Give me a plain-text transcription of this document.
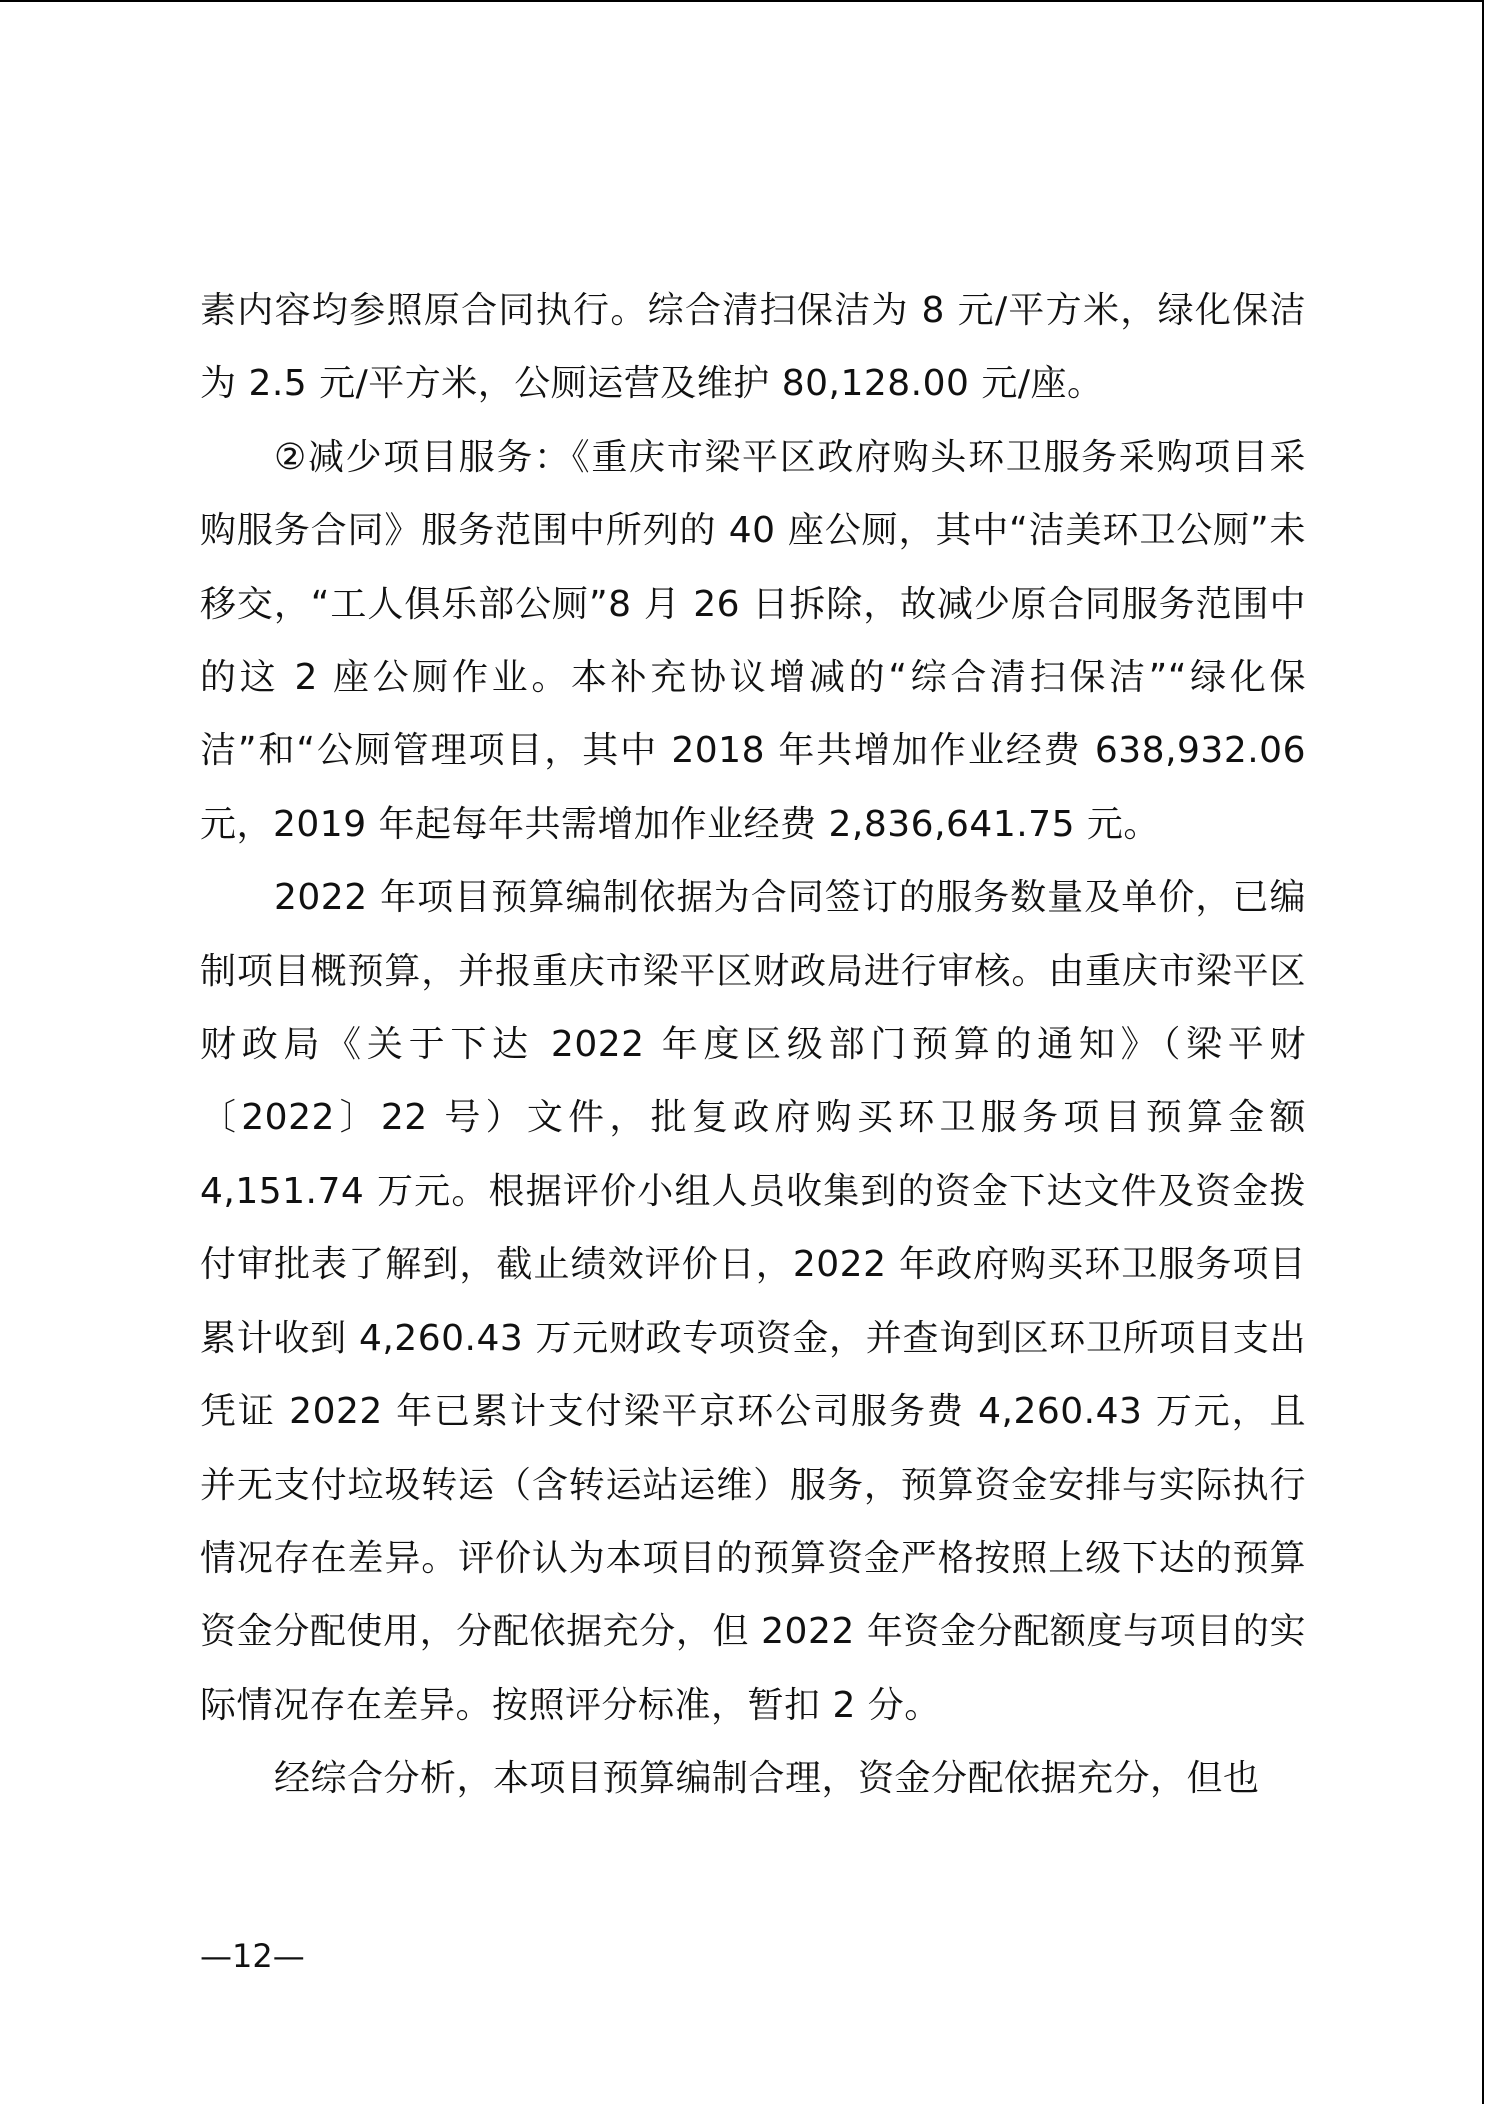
素内容均参照原合同执行。综合清扫保洁为 8 元/平方米，绿化保洁为 2.5 元/平方米，公厕运营及维护 80,128.00 元/座。

②减少项目服务：《重庆市梁平区政府购头环卫服务采购项目采购服务合同》服务范围中所列的 40 座公厕，其中“洁美环卫公厕”未移交，“工人俱乐部公厕”8 月 26 日拆除，故减少原合同服务范围中的这 2 座公厕作业。本补充协议增减的“综合清扫保洁”“绿化保洁”和“公厕管理项目，其中 2018 年共增加作业经费 638,932.06 元，2019 年起每年共需增加作业经费 2,836,641.75 元。

2022 年项目预算编制依据为合同签订的服务数量及单价，已编制项目概预算，并报重庆市梁平区财政局进行审核。由重庆市梁平区财政局《关于下达 2022 年度区级部门预算的通知》（梁平财〔2022〕22 号）文件，批复政府购买环卫服务项目预算金额 4,151.74 万元。根据评价小组人员收集到的资金下达文件及资金拨付审批表了解到，截止绩效评价日，2022 年政府购买环卫服务项目累计收到 4,260.43 万元财政专项资金，并查询到区环卫所项目支出凭证 2022 年已累计支付梁平京环公司服务费 4,260.43 万元，且并无支付垃圾转运（含转运站运维）服务，预算资金安排与实际执行情况存在差异。评价认为本项目的预算资金严格按照上级下达的预算资金分配使用，分配依据充分，但 2022 年资金分配额度与项目的实际情况存在差异。按照评分标准，暂扣 2 分。

经综合分析，本项目预算编制合理，资金分配依据充分，但也

—12—
